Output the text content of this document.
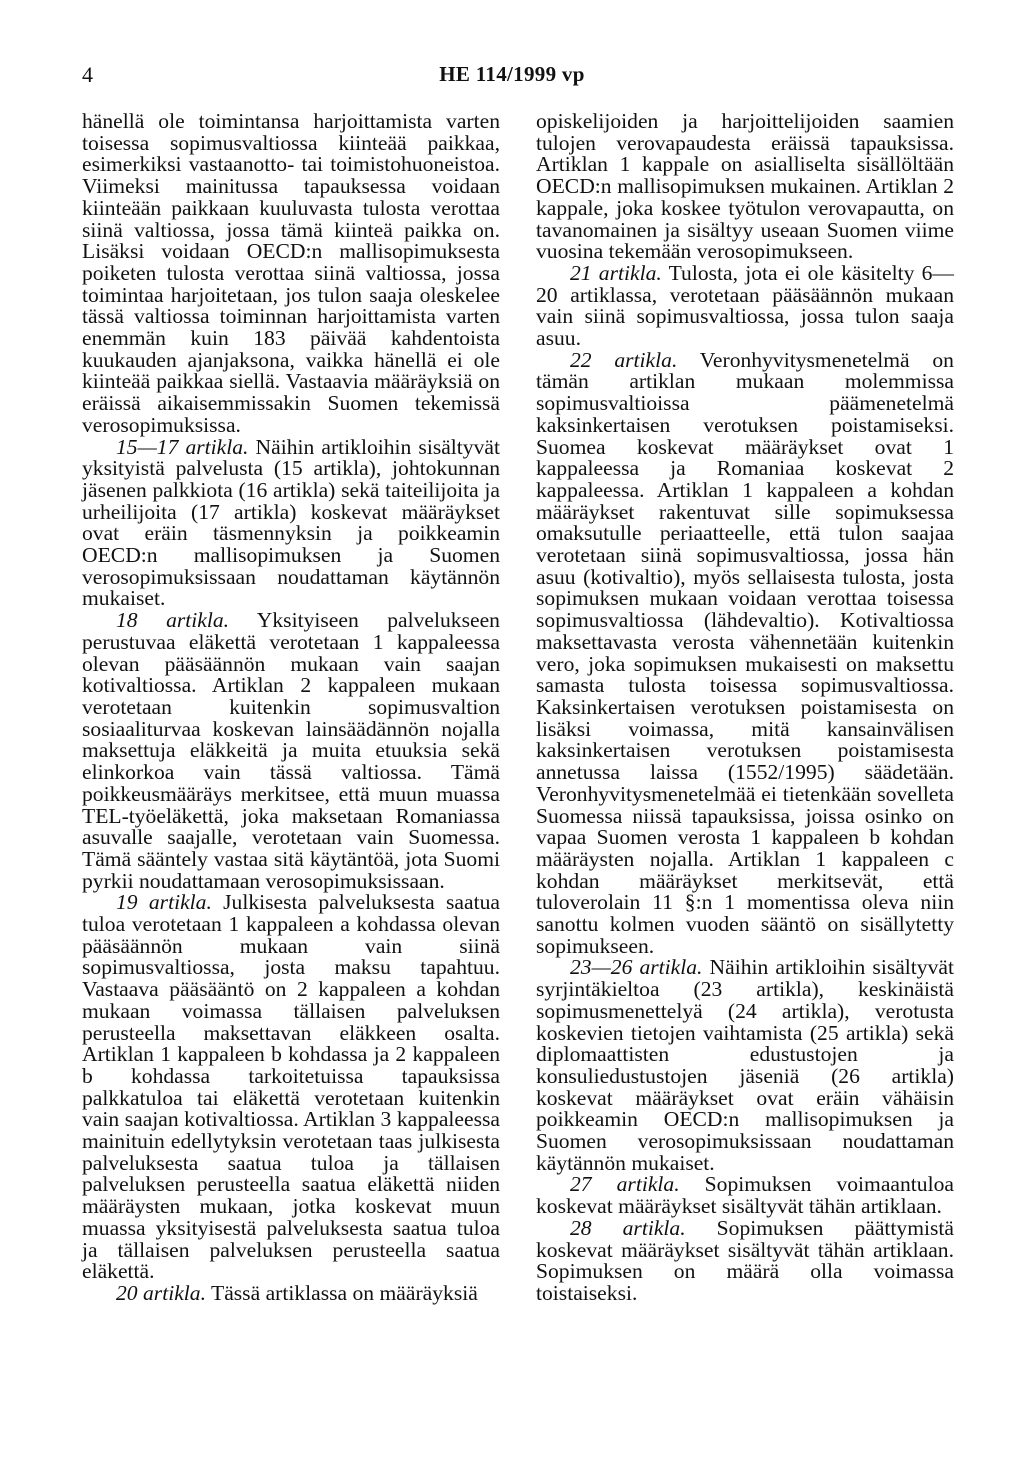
4	HE 114/1999 vp

hänellä ole toimintansa harjoittamista varten toisessa sopimusvaltiossa kiinteää paikkaa, esimerkiksi vastaanotto- tai toimistohuoneistoa. Viimeksi mainitussa tapauksessa voidaan kiinteään paikkaan kuuluvasta tulosta verottaa siinä valtiossa, jossa tämä kiinteä paikka on. Lisäksi voidaan OECD:n mallisopimuksesta poiketen tulosta verottaa siinä valtiossa, jossa toimintaa harjoitetaan, jos tulon saaja oleskelee tässä valtiossa toiminnan harjoittamista varten enemmän kuin 183 päivää kahdentoista kuukauden ajanjaksona, vaikka hänellä ei ole kiinteää paikkaa siellä. Vastaavia määräyksiä on eräissä aikaisemmissakin Suomen tekemissä verosopimuksissa.

15—17 artikla. Näihin artikloihin sisältyvät yksityistä palvelusta (15 artikla), johtokunnan jäsenen palkkiota (16 artikla) sekä taiteilijoita ja urheilijoita (17 artikla) koskevat määräykset ovat eräin täsmennyksin ja poikkeamin OECD:n mallisopimuksen ja Suomen verosopimuksissaan noudattaman käytännön mukaiset.

18 artikla. Yksityiseen palvelukseen perustuvaa eläkettä verotetaan 1 kappaleessa olevan pääsäännön mukaan vain saajan kotivaltiossa. Artiklan 2 kappaleen mukaan verotetaan kuitenkin sopimusvaltion sosiaaliturvaa koskevan lainsäädännön nojalla maksettuja eläkkeitä ja muita etuuksia sekä elinkorkoa vain tässä valtiossa. Tämä poikkeusmääräys merkitsee, että muun muassa TEL-työeläkettä, joka maksetaan Romaniassa asuvalle saajalle, verotetaan vain Suomessa. Tämä sääntely vastaa sitä käytäntöä, jota Suomi pyrkii noudattamaan verosopimuksissaan.

19 artikla. Julkisesta palveluksesta saatua tuloa verotetaan 1 kappaleen a kohdassa olevan pääsäännön mukaan vain siinä sopimusvaltiossa, josta maksu tapahtuu. Vastaava pääsääntö on 2 kappaleen a kohdan mukaan voimassa tällaisen palveluksen perusteella maksettavan eläkkeen osalta. Artiklan 1 kappaleen b kohdassa ja 2 kappaleen b kohdassa tarkoitetuissa tapauksissa palkkatuloa tai eläkettä verotetaan kuitenkin vain saajan kotivaltiossa. Artiklan 3 kappaleessa mainituin edellytyksin verotetaan taas julkisesta palveluksesta saatua tuloa ja tällaisen palveluksen perusteella saatua eläkettä niiden määräysten mukaan, jotka koskevat muun muassa yksityisestä palveluksesta saatua tuloa ja tällaisen palveluksen perusteella saatua eläkettä.

20 artikla. Tässä artiklassa on määräyksiä

opiskelijoiden ja harjoittelijoiden saamien tulojen verovapaudesta eräissä tapauksissa. Artiklan 1 kappale on asialliselta sisällöltään OECD:n mallisopimuksen mukainen. Artiklan 2 kappale, joka koskee työtulon verovapautta, on tavanomainen ja sisältyy useaan Suomen viime vuosina tekemään verosopimukseen.

21 artikla. Tulosta, jota ei ole käsitelty 6—20 artiklassa, verotetaan pääsäännön mukaan vain siinä sopimusvaltiossa, jossa tulon saaja asuu.

22 artikla. Veronhyvitysmenetelmä on tämän artiklan mukaan molemmissa sopimusvaltioissa päämenetelmä kaksinkertaisen verotuksen poistamiseksi. Suomea koskevat määräykset ovat 1 kappaleessa ja Romaniaa koskevat 2 kappaleessa. Artiklan 1 kappaleen a kohdan määräykset rakentuvat sille sopimuksessa omaksutulle periaatteelle, että tulon saajaa verotetaan siinä sopimusvaltiossa, jossa hän asuu (kotivaltio), myös sellaisesta tulosta, josta sopimuksen mukaan voidaan verottaa toisessa sopimusvaltiossa (lähdevaltio). Kotivaltiossa maksettavasta verosta vähennetään kuitenkin vero, joka sopimuksen mukaisesti on maksettu samasta tulosta toisessa sopimusvaltiossa. Kaksinkertaisen verotuksen poistamisesta on lisäksi voimassa, mitä kansainvälisen kaksinkertaisen verotuksen poistamisesta annetussa laissa (1552/1995) säädetään. Veronhyvitysmenetelmää ei tietenkään sovelleta Suomessa niissä tapauksissa, joissa osinko on vapaa Suomen verosta 1 kappaleen b kohdan määräysten nojalla. Artiklan 1 kappaleen c kohdan määräykset merkitsevät, että tuloverolain 11 §:n 1 momentissa oleva niin sanottu kolmen vuoden sääntö on sisällytetty sopimukseen.

23—26 artikla. Näihin artikloihin sisältyvät syrjintäkieltoa (23 artikla), keskinäistä sopimusmenettelyä (24 artikla), verotusta koskevien tietojen vaihtamista (25 artikla) sekä diplomaattisten edustustojen ja konsuliedustustojen jäseniä (26 artikla) koskevat määräykset ovat eräin vähäisin poikkeamin OECD:n mallisopimuksen ja Suomen verosopimuksissaan noudattaman käytännön mukaiset.

27 artikla. Sopimuksen voimaantuloa koskevat määräykset sisältyvät tähän artiklaan.

28 artikla. Sopimuksen päättymistä koskevat määräykset sisältyvät tähän artiklaan. Sopimuksen on määrä olla voimassa toistaiseksi.
